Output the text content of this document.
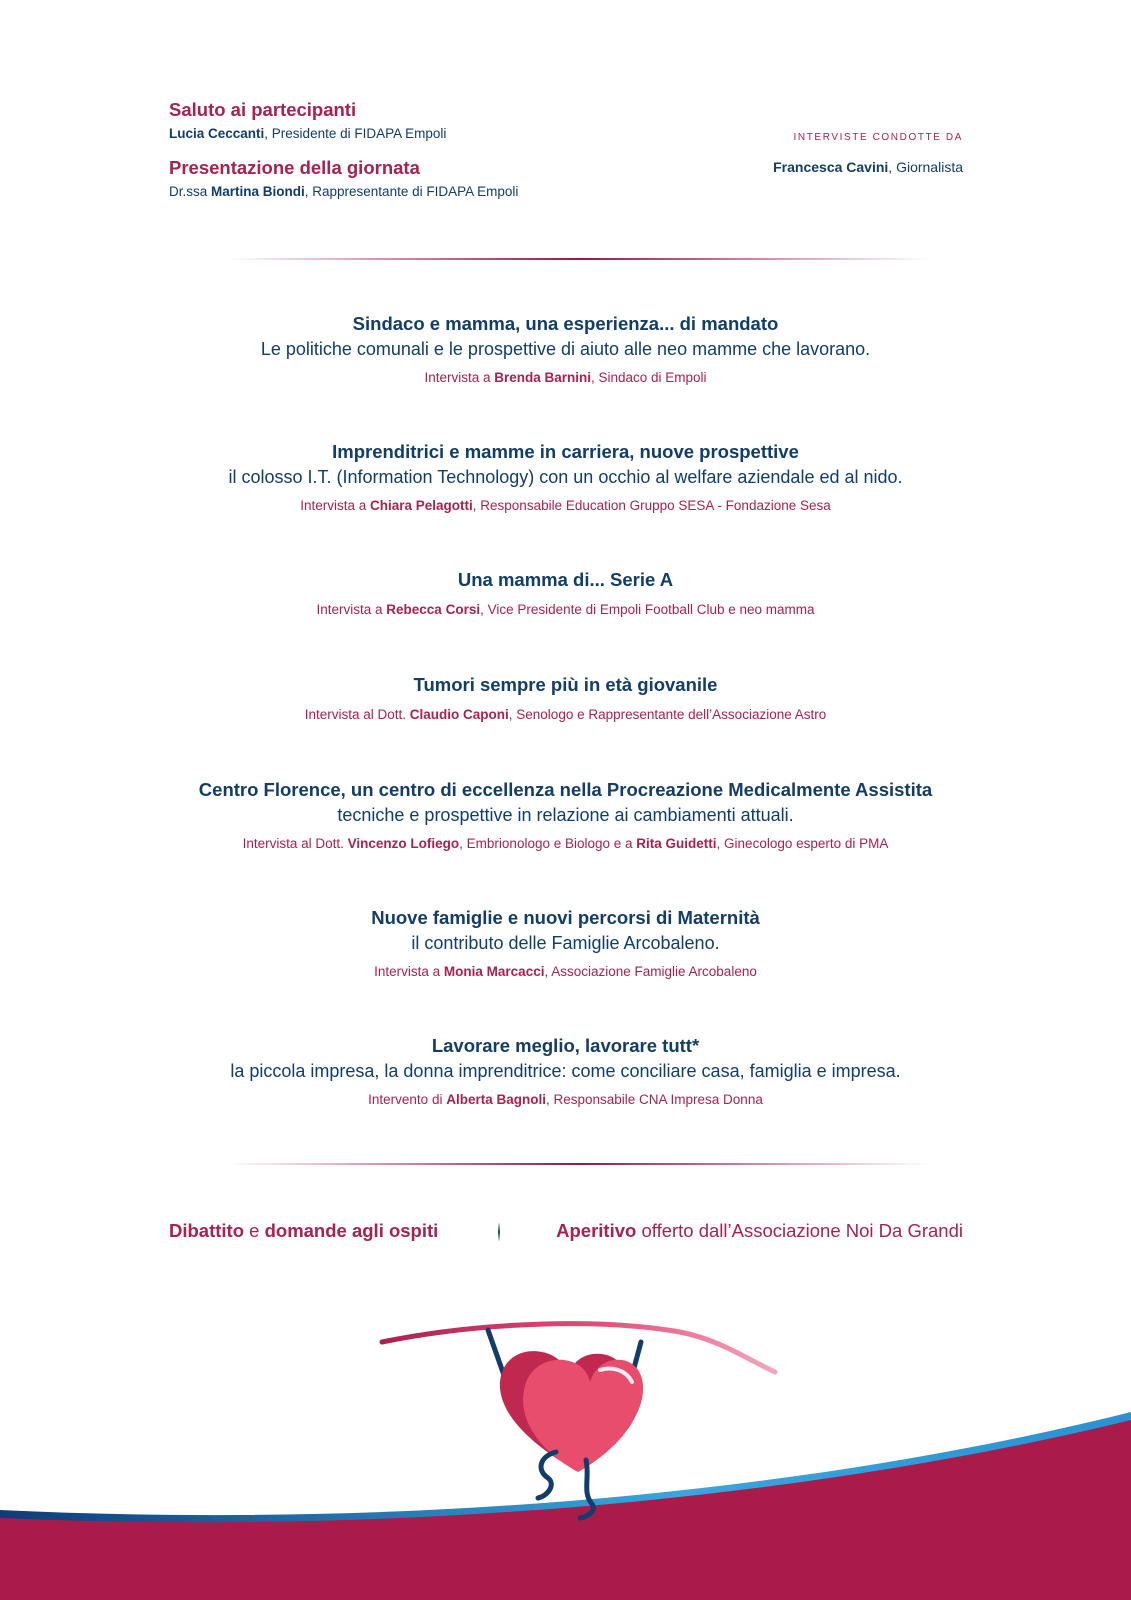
Saluto ai partecipanti

Lucia Ceccanti, Presidente di FIDAPA Empoli

Presentazione della giornata

Dr.ssa Martina Biondi, Rappresentante di FIDAPA Empoli

INTERVISTE CONDOTTE DA
Francesca Cavini, Giornalista
Sindaco e mamma, una esperienza... di mandato
Le politiche comunali e le prospettive di aiuto alle neo mamme che lavorano.
Intervista a Brenda Barnini, Sindaco di Empoli
Imprenditrici e mamme in carriera, nuove prospettive
il colosso I.T. (Information Technology) con un occhio al welfare aziendale ed al nido.
Intervista a Chiara Pelagotti, Responsabile Education Gruppo SESA - Fondazione Sesa
Una mamma di... Serie A
Intervista a Rebecca Corsi, Vice Presidente di Empoli Football Club e neo mamma
Tumori sempre più in età giovanile
Intervista al Dott. Claudio Caponi, Senologo e Rappresentante dell’Associazione Astro
Centro Florence, un centro di eccellenza nella Procreazione Medicalmente Assistita
tecniche e prospettive in relazione ai cambiamenti attuali.
Intervista al Dott. Vincenzo Lofiego, Embrionologo e Biologo e a Rita Guidetti, Ginecologo esperto di PMA
Nuove famiglie e nuovi percorsi di Maternità
il contributo delle Famiglie Arcobaleno.
Intervista a Monia Marcacci, Associazione Famiglie Arcobaleno
Lavorare meglio, lavorare tutt*
la piccola impresa, la donna imprenditrice: come conciliare casa, famiglia e impresa.
Intervento di Alberta Bagnoli, Responsabile CNA Impresa Donna
Dibattito e domande agli ospiti	Aperitivo offerto dall’Associazione Noi Da Grandi
